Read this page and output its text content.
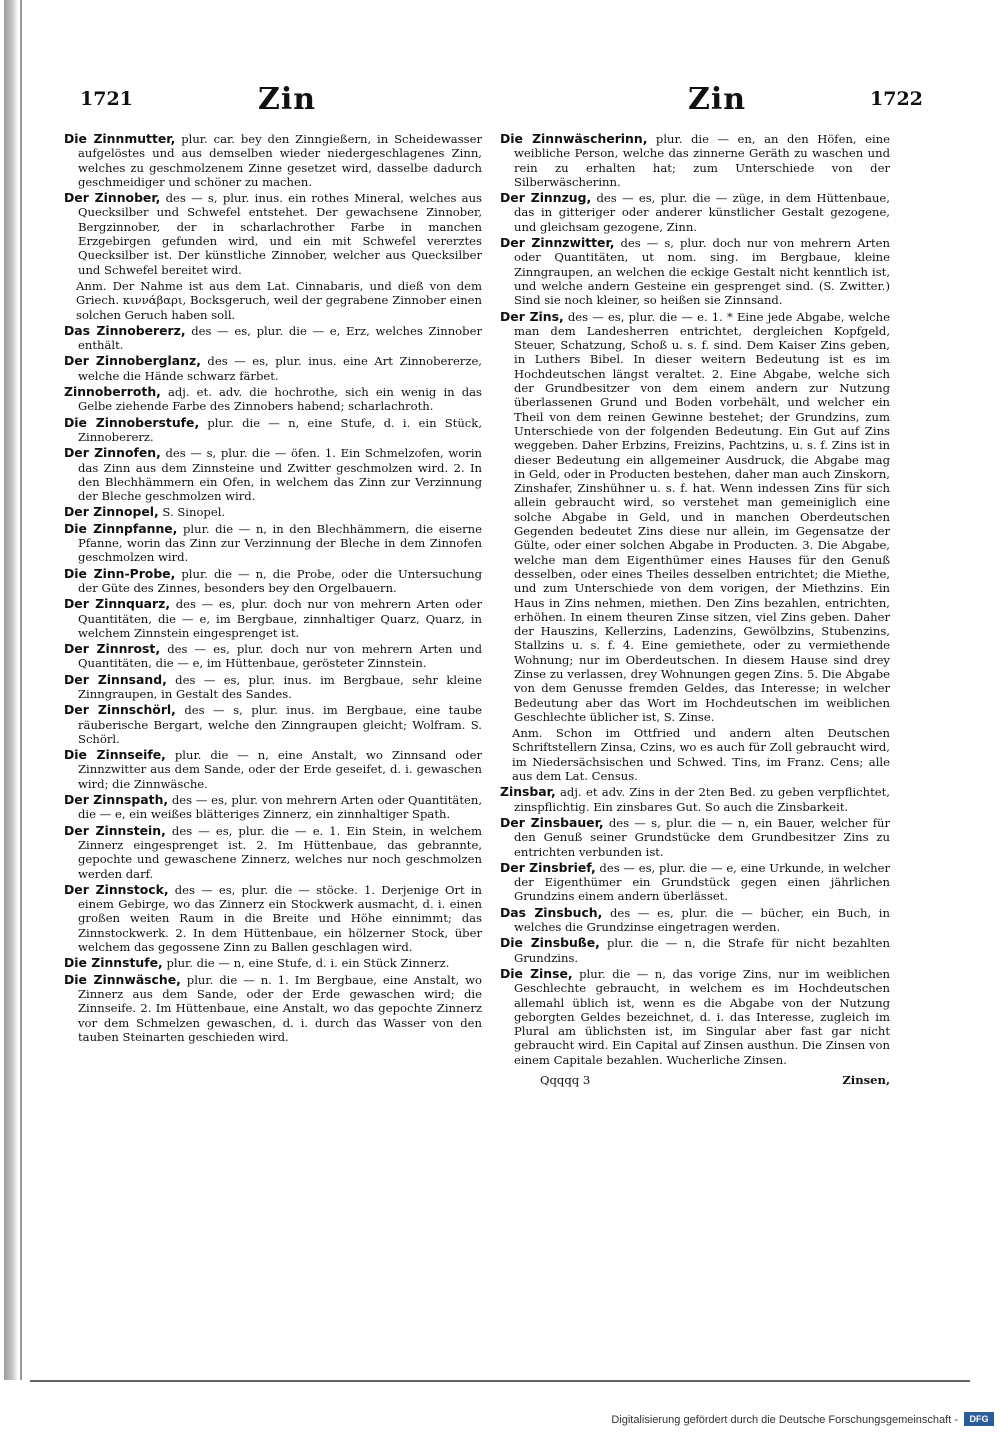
1721	Zin	Zin	1722

Die Zinnmutter, plur. car. bey den Zinngießern, in Scheidewasser aufgelöstes und aus demselben wieder niedergeschlagenes Zinn, welches zu geschmolzenem Zinne gesetzet wird, dasselbe dadurch geschmeidiger und schöner zu machen.

Der Zinnober, des — s, plur. inus. ein rothes Mineral, welches aus Quecksilber und Schwefel entstehet. Der gewachsene Zinnober, Bergzinnober, der in scharlachrother Farbe in manchen Erzgebirgen gefunden wird, und ein mit Schwefel vererztes Quecksilber ist. Der künstliche Zinnober, welcher aus Quecksilber und Schwefel bereitet wird.

Anm. Der Nahme ist aus dem Lat. Cinnabaris, und dieß von dem Griech. κιννάβαρι, Bocksgeruch, weil der gegrabene Zinnober einen solchen Geruch haben soll.

Das Zinnobererz, des — es, plur. die — e, Erz, welches Zinnober enthält.

Der Zinnoberglanz, des — es, plur. inus. eine Art Zinnobererze, welche die Hände schwarz färbet.

Zinnoberroth, adj. et. adv. die hochrothe, sich ein wenig in das Gelbe ziehende Farbe des Zinnobers habend; scharlachroth.

Die Zinnoberstufe, plur. die — n, eine Stufe, d. i. ein Stück, Zinnobererz.

Der Zinnofen, des — s, plur. die — öfen. 1. Ein Schmelzofen, worin das Zinn aus dem Zinnsteine und Zwitter geschmolzen wird. 2. In den Blechhämmern ein Ofen, in welchem das Zinn zur Verzinnung der Bleche geschmolzen wird.

Der Zinnopel, S. Sinopel.

Die Zinnpfanne, plur. die — n, in den Blechhämmern, die eiserne Pfanne, worin das Zinn zur Verzinnung der Bleche in dem Zinnofen geschmolzen wird.

Die Zinn-Probe, plur. die — n, die Probe, oder die Untersuchung der Güte des Zinnes, besonders bey den Orgelbauern.

Der Zinnquarz, des — es, plur. doch nur von mehrern Arten oder Quantitäten, die — e, im Bergbaue, zinnhaltiger Quarz, Quarz, in welchem Zinnstein eingesprenget ist.

Der Zinnrost, des — es, plur. doch nur von mehrern Arten und Quantitäten, die — e, im Hüttenbaue, gerösteter Zinnstein.

Der Zinnsand, des — es, plur. inus. im Bergbaue, sehr kleine Zinngraupen, in Gestalt des Sandes.

Der Zinnschörl, des — s, plur. inus. im Bergbaue, eine taube räuberische Bergart, welche den Zinngraupen gleicht; Wolfram. S. Schörl.

Die Zinnseife, plur. die — n, eine Anstalt, wo Zinnsand oder Zinnzwitter aus dem Sande, oder der Erde geseifet, d. i. gewaschen wird; die Zinnwäsche.

Der Zinnspath, des — es, plur. von mehrern Arten oder Quantitäten, die — e, ein weißes blätteriges Zinnerz, ein zinnhaltiger Spath.

Der Zinnstein, des — es, plur. die — e. 1. Ein Stein, in welchem Zinnerz eingesprenget ist. 2. Im Hüttenbaue, das gebrannte, gepochte und gewaschene Zinnerz, welches nur noch geschmolzen werden darf.

Der Zinnstock, des — es, plur. die — stöcke. 1. Derjenige Ort in einem Gebirge, wo das Zinnerz ein Stockwerk ausmacht, d. i. einen großen weiten Raum in die Breite und Höhe einnimmt; das Zinnstockwerk. 2. In dem Hüttenbaue, ein hölzerner Stock, über welchem das gegossene Zinn zu Ballen geschlagen wird.

Die Zinnstufe, plur. die — n, eine Stufe, d. i. ein Stück Zinnerz.

Die Zinnwäsche, plur. die — n. 1. Im Bergbaue, eine Anstalt, wo Zinnerz aus dem Sande, oder der Erde gewaschen wird; die Zinnseife. 2. Im Hüttenbaue, eine Anstalt, wo das gepochte Zinnerz vor dem Schmelzen gewaschen, d. i. durch das Wasser von den tauben Steinarten geschieden wird.

Die Zinnwäscherinn, plur. die — en, an den Höfen, eine weibliche Person, welche das zinnerne Geräth zu waschen und rein zu erhalten hat; zum Unterschiede von der Silberwäscherinn.

Der Zinnzug, des — es, plur. die — züge, in dem Hüttenbaue, das in gitteriger oder anderer künstlicher Gestalt gezogene, und gleichsam gezogene, Zinn.

Der Zinnzwitter, des — s, plur. doch nur von mehrern Arten oder Quantitäten, ut nom. sing. im Bergbaue, kleine Zinngraupen, an welchen die eckige Gestalt nicht kenntlich ist, und welche andern Gesteine ein gesprenget sind. (S. Zwitter.) Sind sie noch kleiner, so heißen sie Zinnsand.

Der Zins, des — es, plur. die — e. 1. * Eine jede Abgabe, welche man dem Landesherren entrichtet, dergleichen Kopfgeld, Steuer, Schatzung, Schoß u. s. f. sind. Dem Kaiser Zins geben, in Luthers Bibel. In dieser weitern Bedeutung ist es im Hochdeutschen längst veraltet. 2. Eine Abgabe, welche sich der Grundbesitzer von dem einem andern zur Nutzung überlassenen Grund und Boden vorbehält, und welcher ein Theil von dem reinen Gewinne bestehet; der Grundzins, zum Unterschiede von der folgenden Bedeutung. Ein Gut auf Zins weggeben. Daher Erbzins, Freizins, Pachtzins, u. s. f. Zins ist in dieser Bedeutung ein allgemeiner Ausdruck, die Abgabe mag in Geld, oder in Producten bestehen, daher man auch Zinskorn, Zinshafer, Zinshühner u. s. f. hat. Wenn indessen Zins für sich allein gebraucht wird, so verstehet man gemeiniglich eine solche Abgabe in Geld, und in manchen Oberdeutschen Gegenden bedeutet Zins diese nur allein, im Gegensatze der Gülte, oder einer solchen Abgabe in Producten. 3. Die Abgabe, welche man dem Eigenthümer eines Hauses für den Genuß desselben, oder eines Theiles desselben entrichtet; die Miethe, und zum Unterschiede von dem vorigen, der Miethzins. Ein Haus in Zins nehmen, miethen. Den Zins bezahlen, entrichten, erhöhen. In einem theuren Zinse sitzen, viel Zins geben. Daher der Hauszins, Kellerzins, Ladenzins, Gewölbzins, Stubenzins, Stallzins u. s. f. 4. Eine gemiethete, oder zu vermiethende Wohnung; nur im Oberdeutschen. In diesem Hause sind drey Zinse zu verlassen, drey Wohnungen gegen Zins. 5. Die Abgabe von dem Genusse fremden Geldes, das Interesse; in welcher Bedeutung aber das Wort im Hochdeutschen im weiblichen Geschlechte üblicher ist, S. Zinse.

Anm. Schon im Ottfried und andern alten Deutschen Schriftstellern Zinsa, Czins, wo es auch für Zoll gebraucht wird, im Niedersächsischen und Schwed. Tins, im Franz. Cens; alle aus dem Lat. Census.

Zinsbar, adj. et adv. Zins in der 2ten Bed. zu geben verpflichtet, zinspflichtig. Ein zinsbares Gut. So auch die Zinsbarkeit.

Der Zinsbauer, des — s, plur. die — n, ein Bauer, welcher für den Genuß seiner Grundstücke dem Grundbesitzer Zins zu entrichten verbunden ist.

Der Zinsbrief, des — es, plur. die — e, eine Urkunde, in welcher der Eigenthümer ein Grundstück gegen einen jährlichen Grundzins einem andern überlässet.

Das Zinsbuch, des — es, plur. die — bücher, ein Buch, in welches die Grundzinse eingetragen werden.

Die Zinsbuße, plur. die — n, die Strafe für nicht bezahlten Grundzins.

Die Zinse, plur. die — n, das vorige Zins, nur im weiblichen Geschlechte gebraucht, in welchem es im Hochdeutschen allemahl üblich ist, wenn es die Abgabe von der Nutzung geborgten Geldes bezeichnet, d. i. das Interesse, zugleich im Plural am üblichsten ist, im Singular aber fast gar nicht gebraucht wird. Ein Capital auf Zinsen austhun. Die Zinsen von einem Capitale bezahlen. Wucherliche Zinsen.

Qqqqq 3	Zinsen,
Digitalisierung gefördert durch die Deutsche Forschungsgemeinschaft -	DFG
